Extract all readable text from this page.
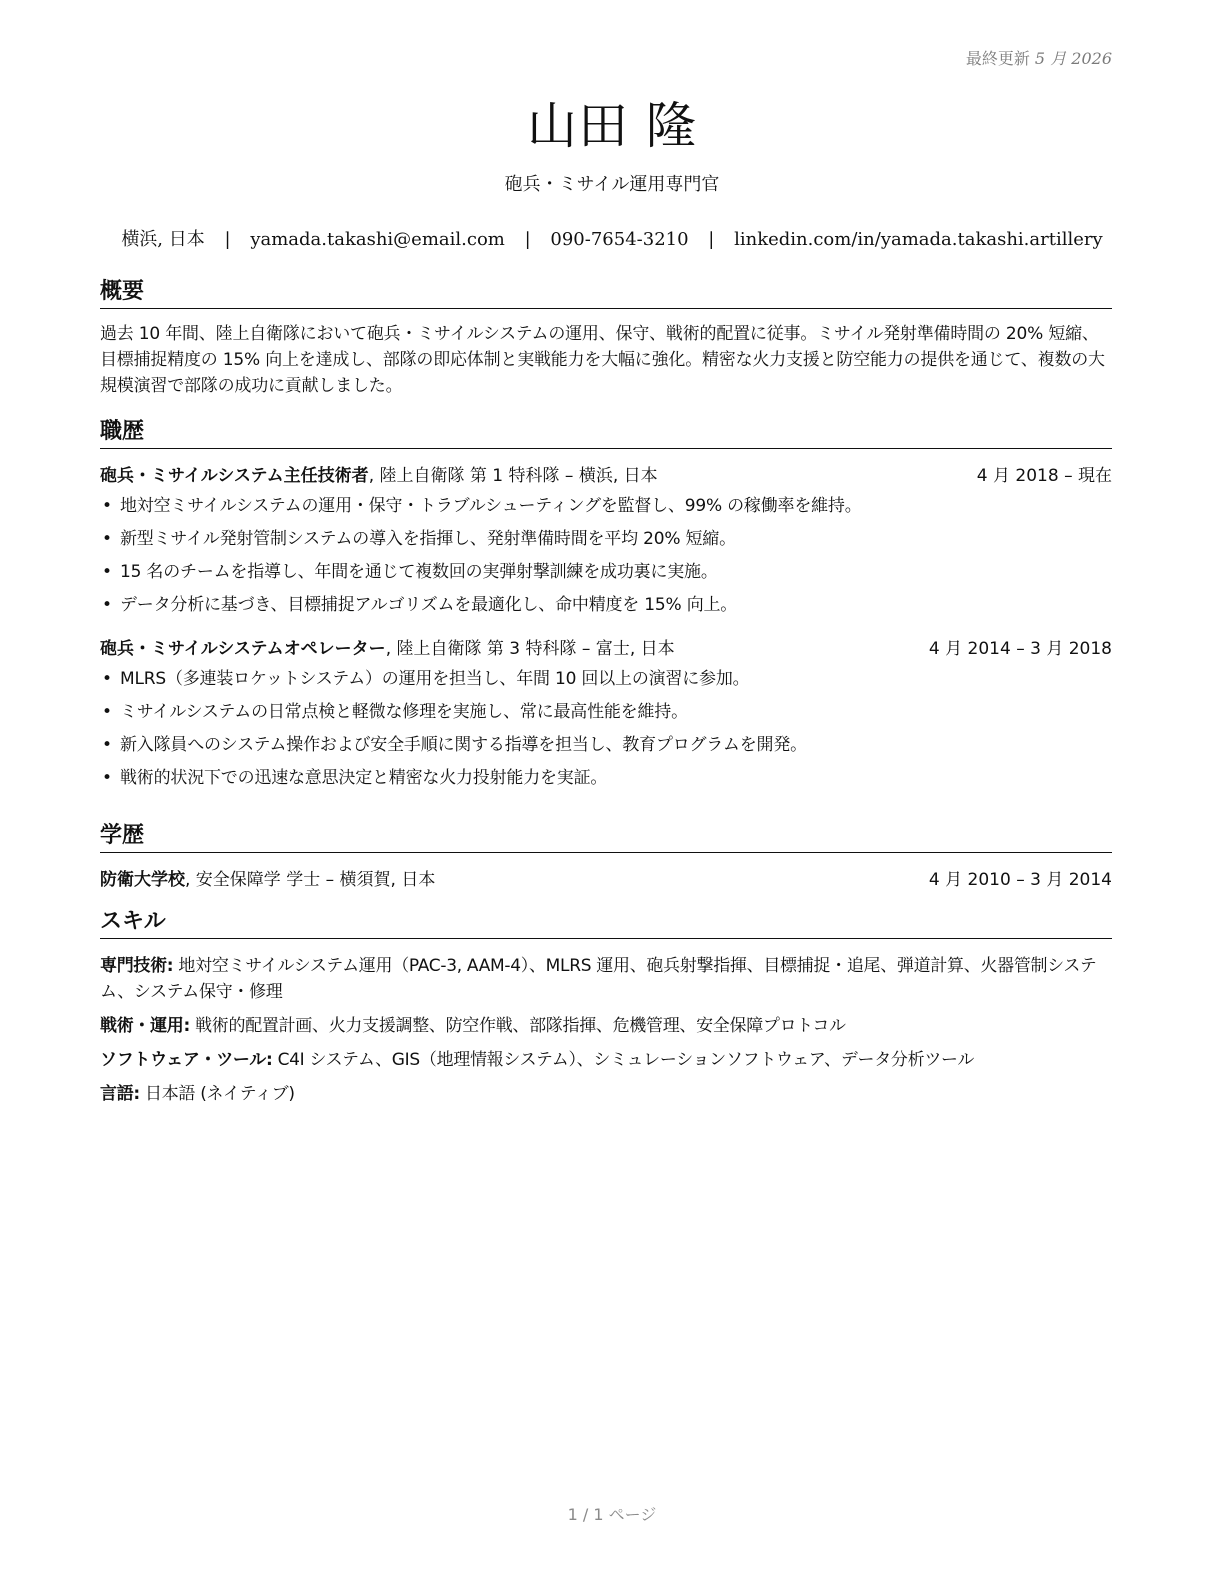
最終更新 5 月 2026
山田 隆
砲兵・ミサイル運用専門官
横浜, 日本 | yamada.takashi@email.com | 090-7654-3210 | linkedin.com/in/yamada.takashi.artillery
概要
過去 10 年間、陸上自衛隊において砲兵・ミサイルシステムの運用、保守、戦術的配置に従事。ミサイル発射準備時間の 20% 短縮、目標捕捉精度の 15% 向上を達成し、部隊の即応体制と実戦能力を大幅に強化。精密な火力支援と防空能力の提供を通じて、複数の大規模演習で部隊の成功に貢献しました。
職歴
砲兵・ミサイルシステム主任技術者, 陸上自衛隊 第 1 特科隊 – 横浜, 日本	4 月 2018 – 現在
• 地対空ミサイルシステムの運用・保守・トラブルシューティングを監督し、99% の稼働率を維持。
• 新型ミサイル発射管制システムの導入を指揮し、発射準備時間を平均 20% 短縮。
• 15 名のチームを指導し、年間を通じて複数回の実弾射撃訓練を成功裏に実施。
• データ分析に基づき、目標捕捉アルゴリズムを最適化し、命中精度を 15% 向上。
砲兵・ミサイルシステムオペレーター, 陸上自衛隊 第 3 特科隊 – 富士, 日本	4 月 2014 – 3 月 2018
• MLRS（多連装ロケットシステム）の運用を担当し、年間 10 回以上の演習に参加。
• ミサイルシステムの日常点検と軽微な修理を実施し、常に最高性能を維持。
• 新入隊員へのシステム操作および安全手順に関する指導を担当し、教育プログラムを開発。
• 戦術的状況下での迅速な意思決定と精密な火力投射能力を実証。
学歴
防衛大学校, 安全保障学 学士 – 横須賀, 日本	4 月 2010 – 3 月 2014
スキル
専門技術: 地対空ミサイルシステム運用（PAC-3, AAM-4）、MLRS 運用、砲兵射撃指揮、目標捕捉・追尾、弾道計算、火器管制システム、システム保守・修理
戦術・運用: 戦術的配置計画、火力支援調整、防空作戦、部隊指揮、危機管理、安全保障プロトコル
ソフトウェア・ツール: C4I システム、GIS（地理情報システム）、シミュレーションソフトウェア、データ分析ツール
言語: 日本語 (ネイティブ)
1 / 1 ページ
